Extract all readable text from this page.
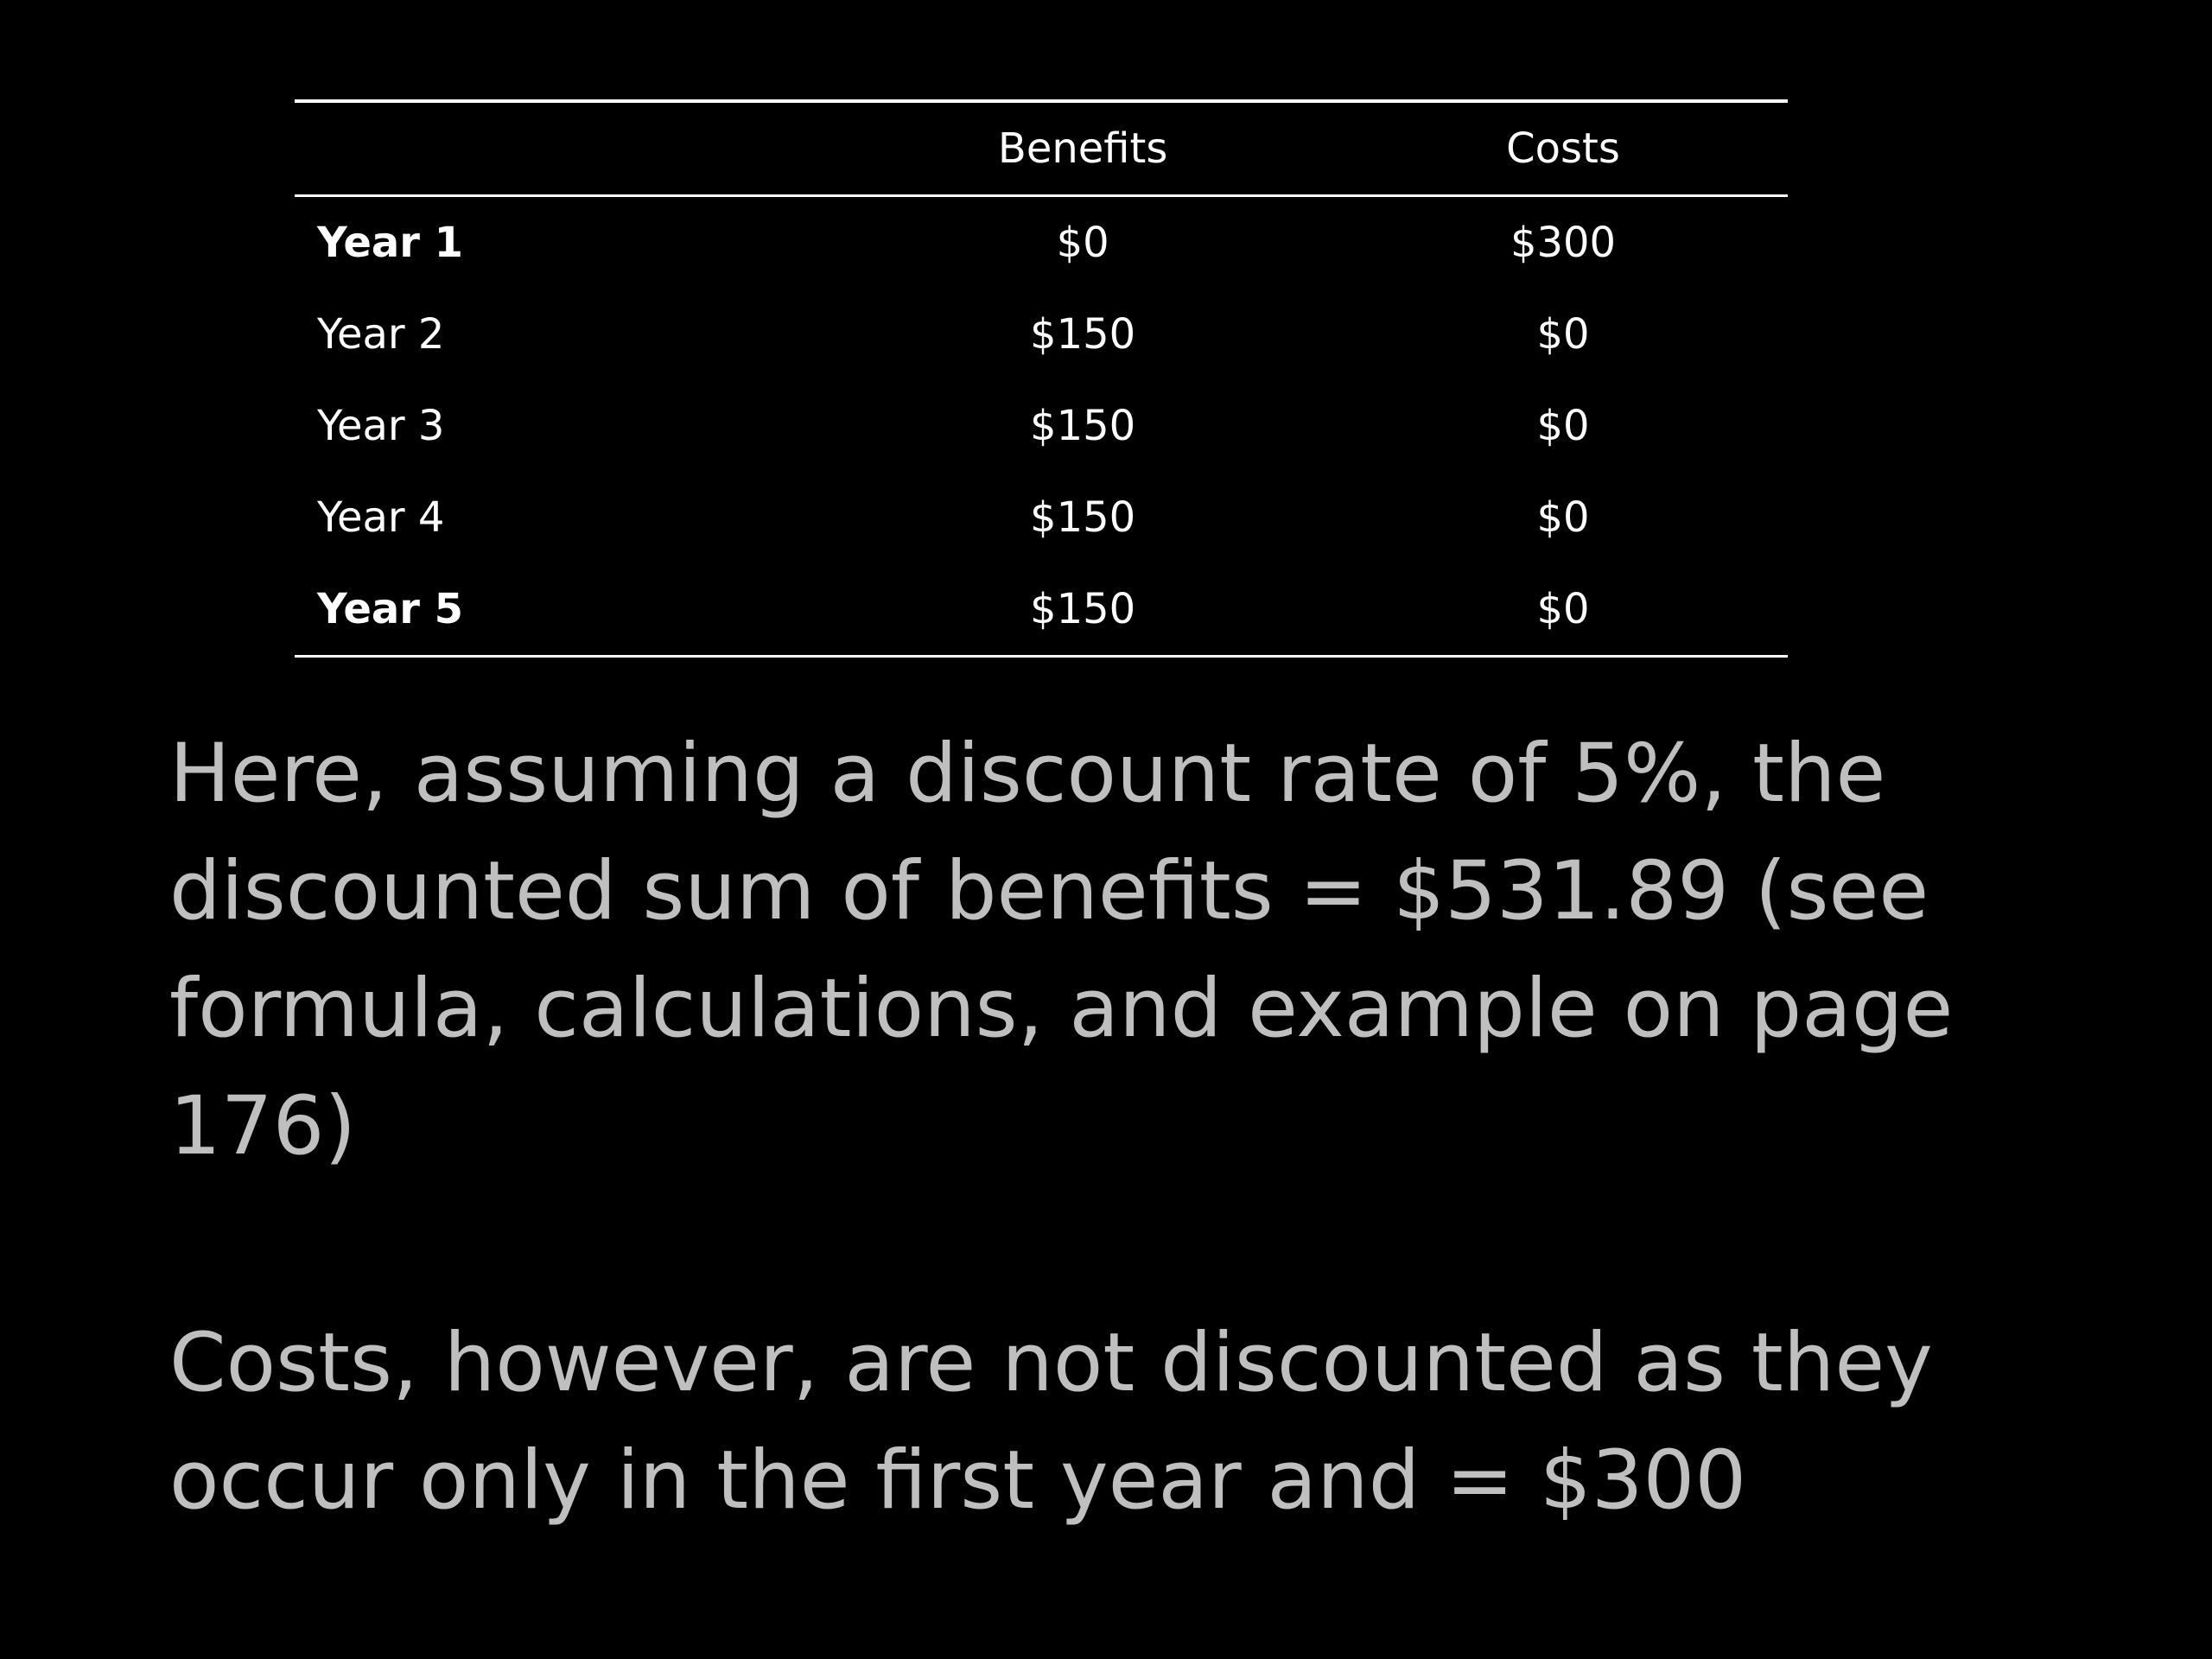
	Benefits	Costs
Year 1	$0	$300
Year 2	$150	$0
Year 3	$150	$0
Year 4	$150	$0
Year 5	$150	$0

Here, assuming a discount rate of 5%, the discounted sum of benefits = $531.89 (see formula, calculations, and example on page 176)

Costs, however, are not discounted as they occur only in the first year and = $300
